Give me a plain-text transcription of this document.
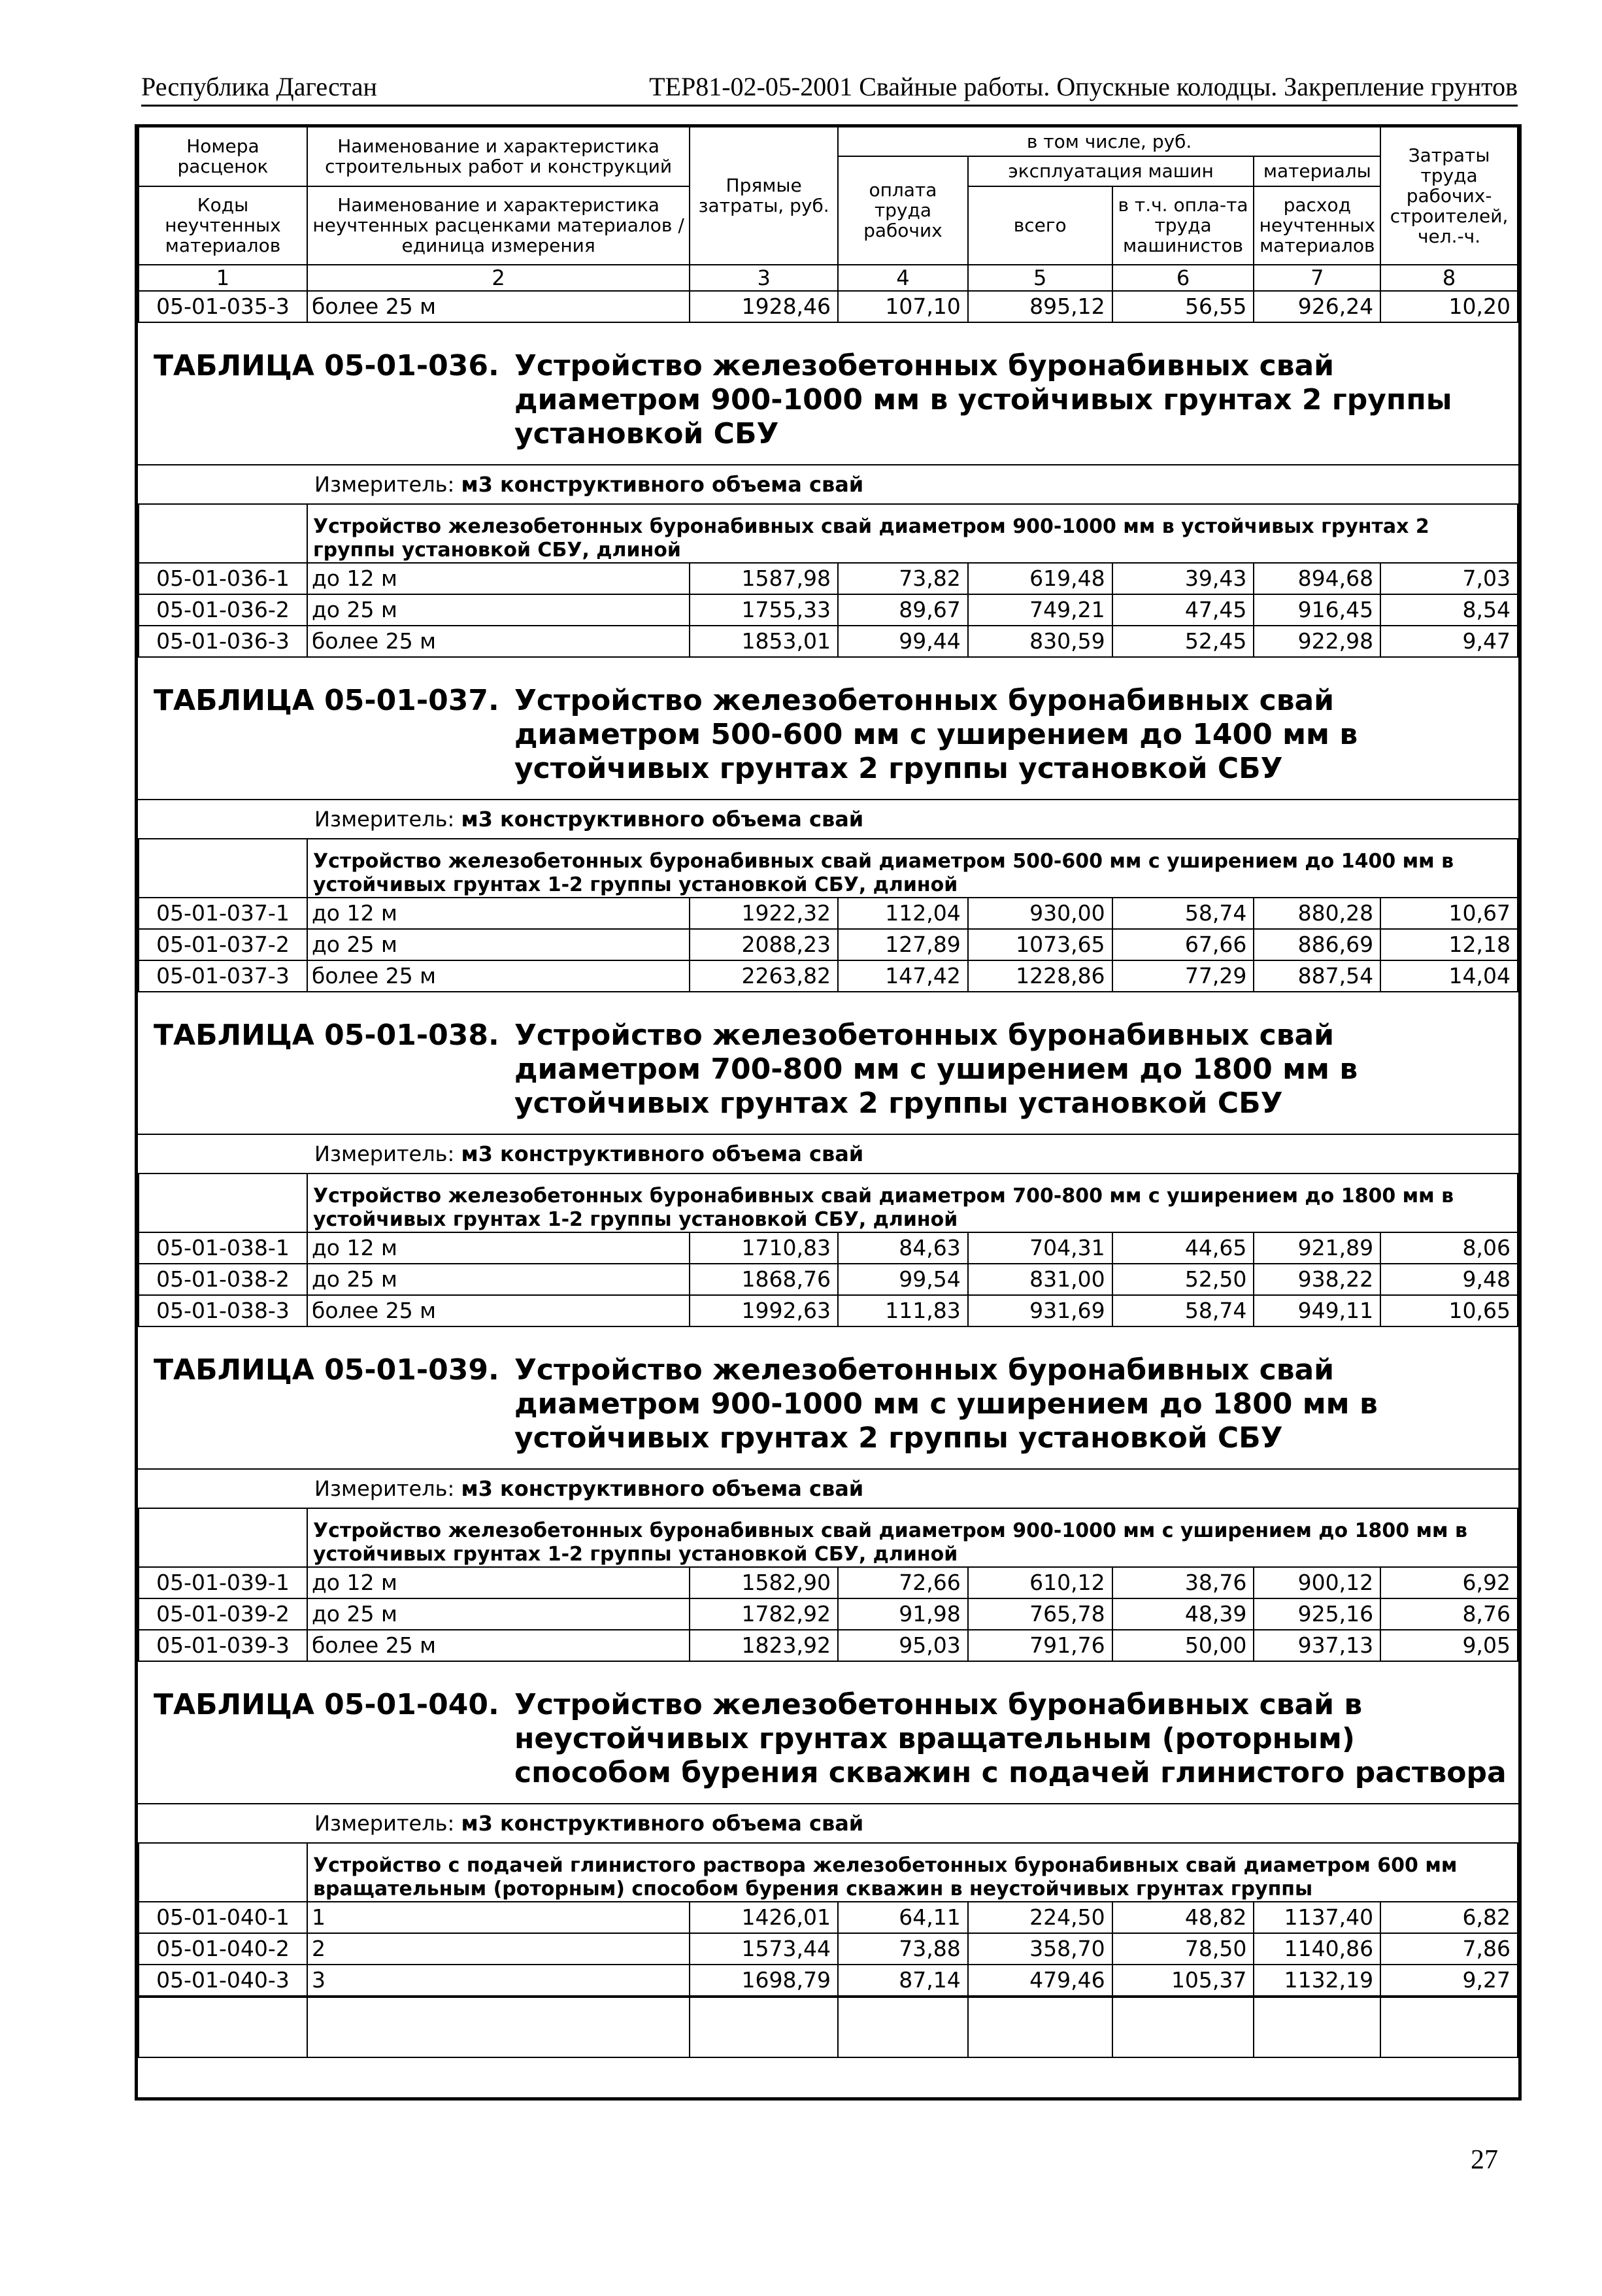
Республика Дагестан	ТЕР81-02-05-2001 Свайные работы. Опускные колодцы. Закрепление грунтов
Номера расценок	Наименование и характеристика строительных работ и конструкций	Прямые затраты, руб.	в том числе, руб.				Затраты труда рабочих-строителей, чел.-ч.
			оплата труда рабочих	эксплуатация машин		материалы	
Коды неучтенных материалов	Наименование и характеристика неучтенных расценками материалов / единица измерения			всего	в т.ч. опла-та труда машинистов	расход неучтенных материалов	

1	2	3	4	5	6	7	8
05-01-035-3	более 25 м	1928,46	107,10	895,12	56,55	926,24	10,20
ТАБЛИЦА 05-01-036. Устройство железобетонных буронабивных свай диаметром 900-1000 мм в устойчивых грунтах 2 группы установкой СБУ
Измеритель: м3 конструктивного объема свай
	Устройство железобетонных буронабивных свай диаметром 900-1000 мм в устойчивых грунтах 2 группы установкой СБУ, длиной						
05-01-036-1	до 12 м	1587,98	73,82	619,48	39,43	894,68	7,03
05-01-036-2	до 25 м	1755,33	89,67	749,21	47,45	916,45	8,54
05-01-036-3	более 25 м	1853,01	99,44	830,59	52,45	922,98	9,47
ТАБЛИЦА 05-01-037. Устройство железобетонных буронабивных свай диаметром 500-600 мм с уширением до 1400 мм в устойчивых грунтах 2 группы установкой СБУ
Измеритель: м3 конструктивного объема свай
	Устройство железобетонных буронабивных свай диаметром 500-600 мм с уширением до 1400 мм в устойчивых грунтах 1-2 группы установкой СБУ, длиной						
05-01-037-1	до 12 м	1922,32	112,04	930,00	58,74	880,28	10,67
05-01-037-2	до 25 м	2088,23	127,89	1073,65	67,66	886,69	12,18
05-01-037-3	более 25 м	2263,82	147,42	1228,86	77,29	887,54	14,04
ТАБЛИЦА 05-01-038. Устройство железобетонных буронабивных свай диаметром 700-800 мм с уширением до 1800 мм в устойчивых грунтах 2 группы установкой СБУ
Измеритель: м3 конструктивного объема свай
	Устройство железобетонных буронабивных свай диаметром 700-800 мм с уширением до 1800 мм в устойчивых грунтах 1-2 группы установкой СБУ, длиной						
05-01-038-1	до 12 м	1710,83	84,63	704,31	44,65	921,89	8,06
05-01-038-2	до 25 м	1868,76	99,54	831,00	52,50	938,22	9,48
05-01-038-3	более 25 м	1992,63	111,83	931,69	58,74	949,11	10,65
ТАБЛИЦА 05-01-039. Устройство железобетонных буронабивных свай диаметром 900-1000 мм с уширением до 1800 мм в устойчивых грунтах 2 группы установкой СБУ
Измеритель: м3 конструктивного объема свай
	Устройство железобетонных буронабивных свай диаметром 900-1000 мм с уширением до 1800 мм в устойчивых грунтах 1-2 группы установкой СБУ, длиной						
05-01-039-1	до 12 м	1582,90	72,66	610,12	38,76	900,12	6,92
05-01-039-2	до 25 м	1782,92	91,98	765,78	48,39	925,16	8,76
05-01-039-3	более 25 м	1823,92	95,03	791,76	50,00	937,13	9,05
ТАБЛИЦА 05-01-040. Устройство железобетонных буронабивных свай в неустойчивых грунтах вращательным (роторным) способом бурения скважин с подачей глинистого раствора
Измеритель: м3 конструктивного объема свай
	Устройство с подачей глинистого раствора железобетонных буронабивных свай диаметром 600 мм вращательным (роторным) способом бурения скважин в неустойчивых грунтах группы						
05-01-040-1	1	1426,01	64,11	224,50	48,82	1137,40	6,82
05-01-040-2	2	1573,44	73,88	358,70	78,50	1140,86	7,86
05-01-040-3	3	1698,79	87,14	479,46	105,37	1132,19	9,27

27
